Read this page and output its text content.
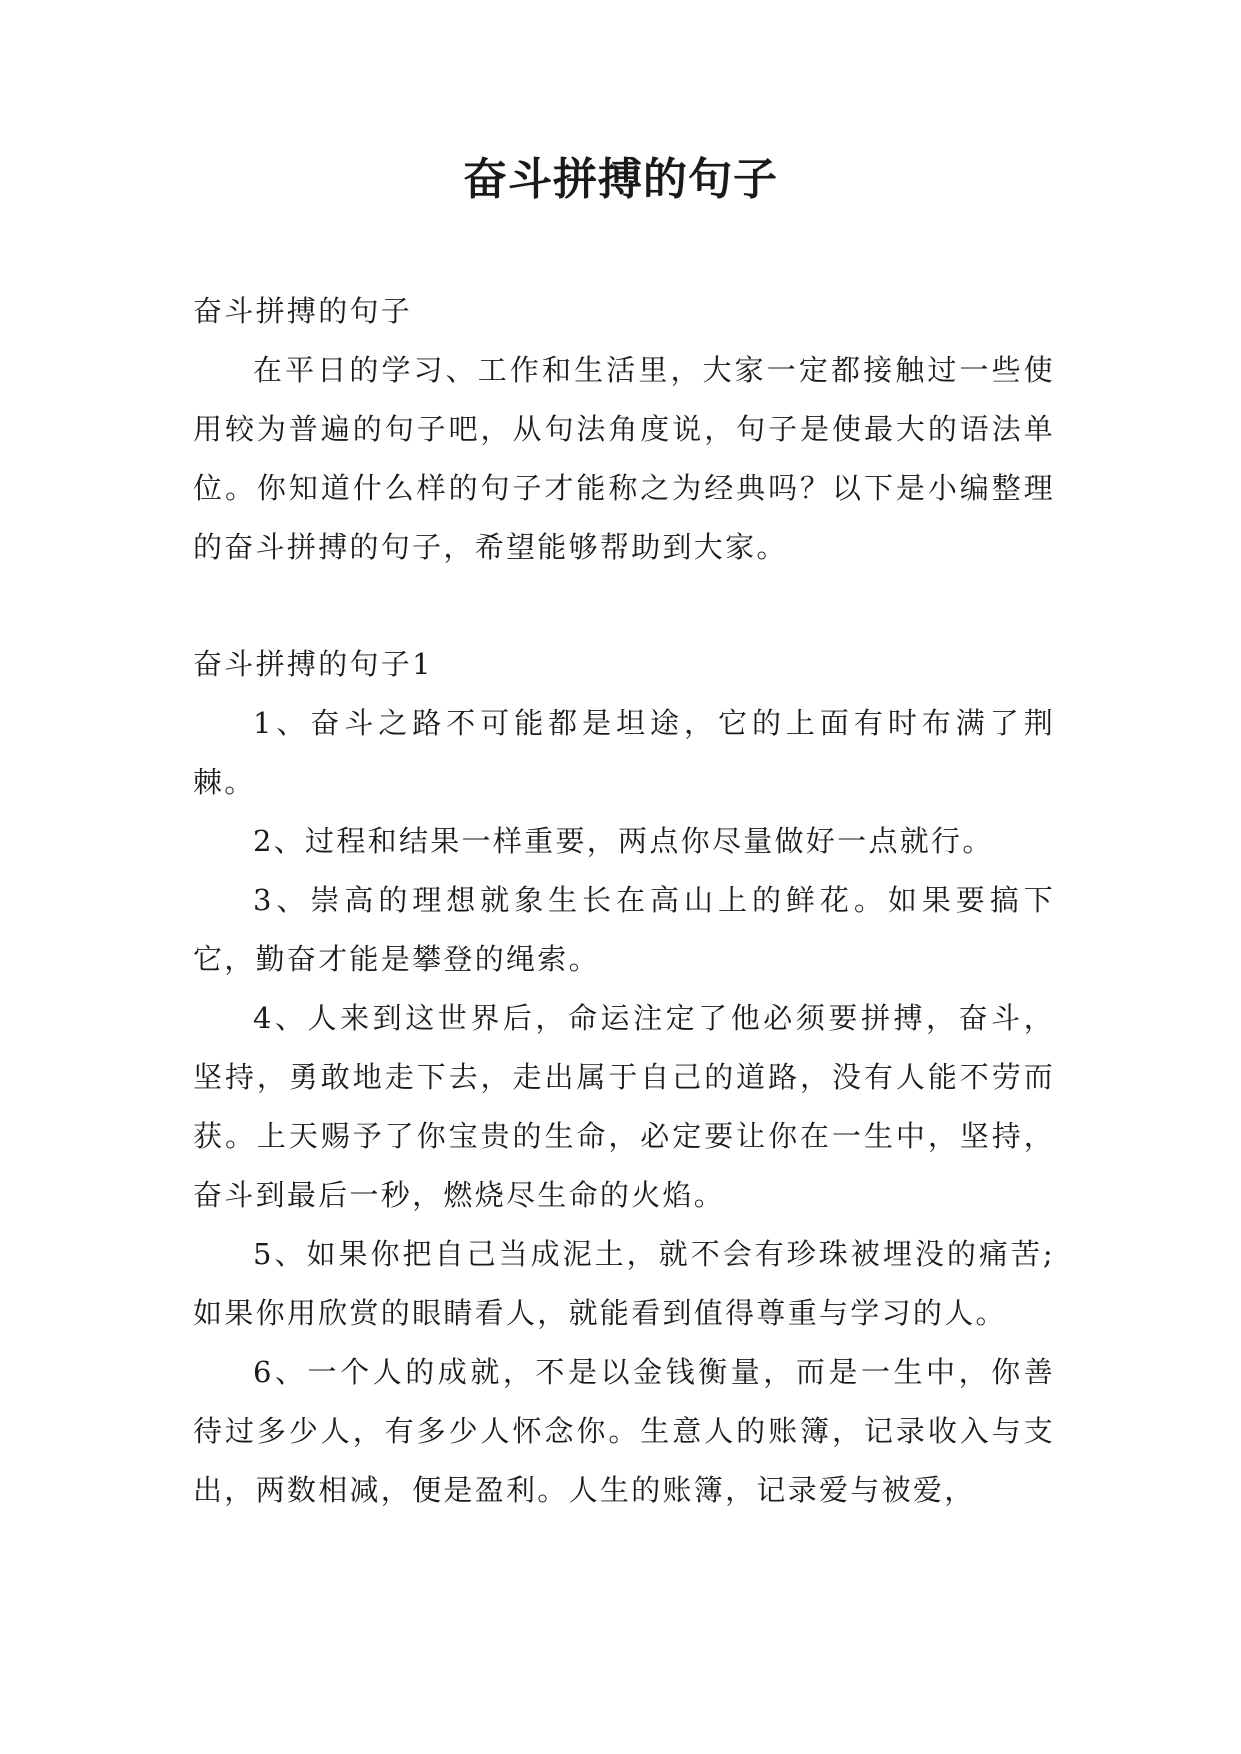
奋斗拼搏的句子

奋斗拼搏的句子

在平日的学习、工作和生活里，大家一定都接触过一些使用较为普遍的句子吧，从句法角度说，句子是使最大的语法单位。你知道什么样的句子才能称之为经典吗？以下是小编整理的奋斗拼搏的句子，希望能够帮助到大家。

奋斗拼搏的句子1

1、奋斗之路不可能都是坦途，它的上面有时布满了荆棘。

2、过程和结果一样重要，两点你尽量做好一点就行。

3、崇高的理想就象生长在高山上的鲜花。如果要搞下它，勤奋才能是攀登的绳索。

4、人来到这世界后，命运注定了他必须要拼搏，奋斗，坚持，勇敢地走下去，走出属于自己的道路，没有人能不劳而获。上天赐予了你宝贵的生命，必定要让你在一生中，坚持，奋斗到最后一秒，燃烧尽生命的火焰。

5、如果你把自己当成泥土，就不会有珍珠被埋没的痛苦;如果你用欣赏的眼睛看人，就能看到值得尊重与学习的人。

6、一个人的成就，不是以金钱衡量，而是一生中，你善待过多少人，有多少人怀念你。生意人的账簿，记录收入与支出，两数相减，便是盈利。人生的账簿，记录爱与被爱，
